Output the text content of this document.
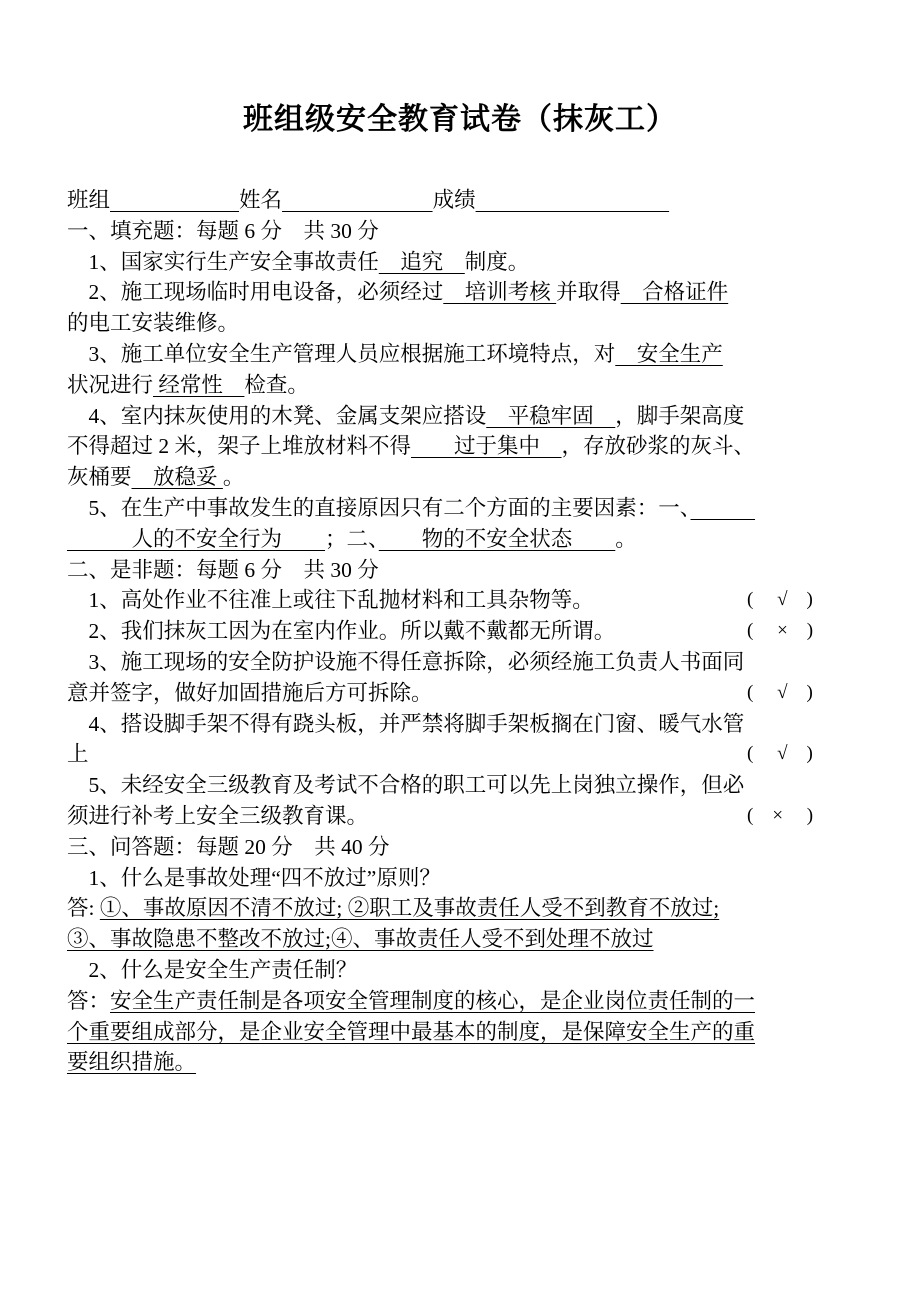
班组级安全教育试卷（抹灰工）
班组　　　　　　	姓名　　　　　　　	成绩　　　　　　　　　
一、填充题：每题 6 分　共 30 分
　1、国家实行生产安全事故责任　追究　制度。
　2、施工现场临时用电设备，必须经过　培训考核 并取得　合格证件
的电工安装维修。
　3、施工单位安全生产管理人员应根据施工环境特点，对　安全生产
状况进行 经常性　检查。
　4、室内抹灰使用的木凳、金属支架应搭设　平稳牢固　，脚手架高度
不得超过 2 米，架子上堆放材料不得　　过于集中　，存放砂浆的灰斗、
灰桶要　放稳妥 。
　5、在生产中事故发生的直接原因只有二个方面的主要因素：一、　　　
　　　人的不安全行为　　；二、　　物的不安全状态　　。
二、是非题：每题 6 分　共 30 分
　1、高处作业不往准上或往下乱抛材料和工具杂物等。	(　 √　)
　2、我们抹灰工因为在室内作业。所以戴不戴都无所谓。	(　 ×　)
　3、施工现场的安全防护设施不得任意拆除，必须经施工负责人书面同
意并签字，做好加固措施后方可拆除。	(　 √　)
　4、搭设脚手架不得有跷头板，并严禁将脚手架板搁在门窗、暖气水管
上	(　 √　)
　5、未经安全三级教育及考试不合格的职工可以先上岗独立操作，但必
须进行补考上安全三级教育课。	(　×　 )
三、问答题：每题 20 分　共 40 分
　1、什么是事故处理“四不放过”原则？
答: ①、事故原因不清不放过; ②职工及事故责任人受不到教育不放过;
③、事故隐患不整改不放过;④、事故责任人受不到处理不放过
　2、什么是安全生产责任制？
答：安全生产责任制是各项安全管理制度的核心，是企业岗位责任制的一
个重要组成部分，是企业安全管理中最基本的制度，是保障安全生产的重
要组织措施。
